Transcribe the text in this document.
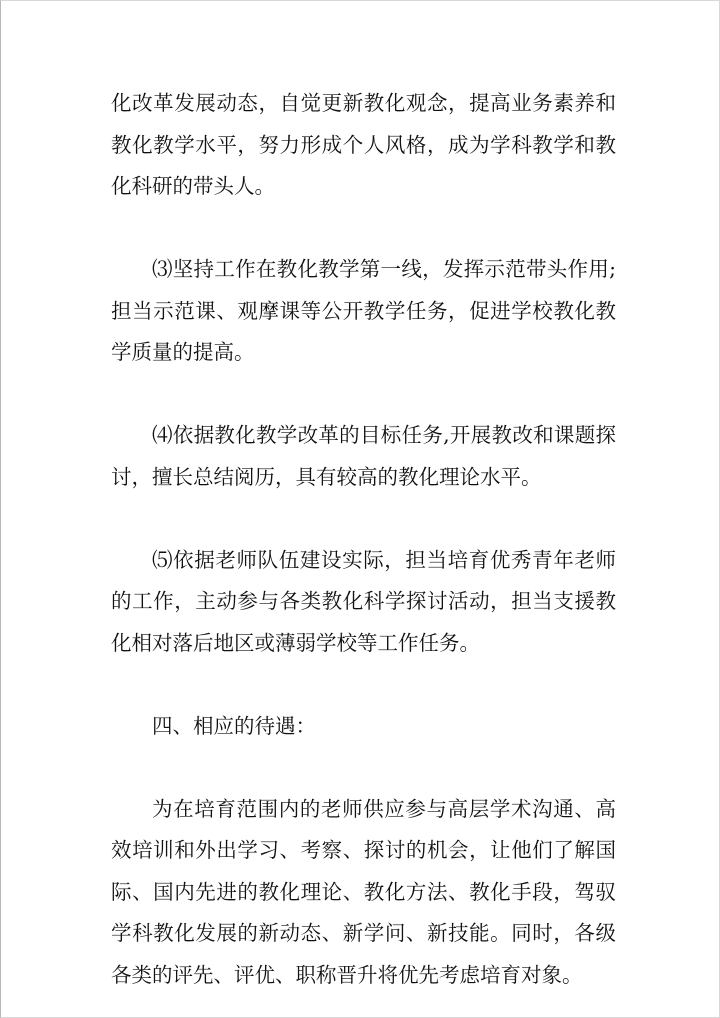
化改革发展动态，自觉更新教化观念，提高业务素养和教化教学水平，努力形成个人风格，成为学科教学和教化科研的带头人。

⑶坚持工作在教化教学第一线，发挥示范带头作用;担当示范课、观摩课等公开教学任务，促进学校教化教学质量的提高。

⑷依据教化教学改革的目标任务,开展教改和课题探讨，擅长总结阅历，具有较高的教化理论水平。

⑸依据老师队伍建设实际，担当培育优秀青年老师的工作，主动参与各类教化科学探讨活动，担当支援教化相对落后地区或薄弱学校等工作任务。

四、相应的待遇：

为在培育范围内的老师供应参与高层学术沟通、高效培训和外出学习、考察、探讨的机会，让他们了解国际、国内先进的教化理论、教化方法、教化手段，驾驭学科教化发展的新动态、新学问、新技能。同时，各级各类的评先、评优、职称晋升将优先考虑培育对象。
